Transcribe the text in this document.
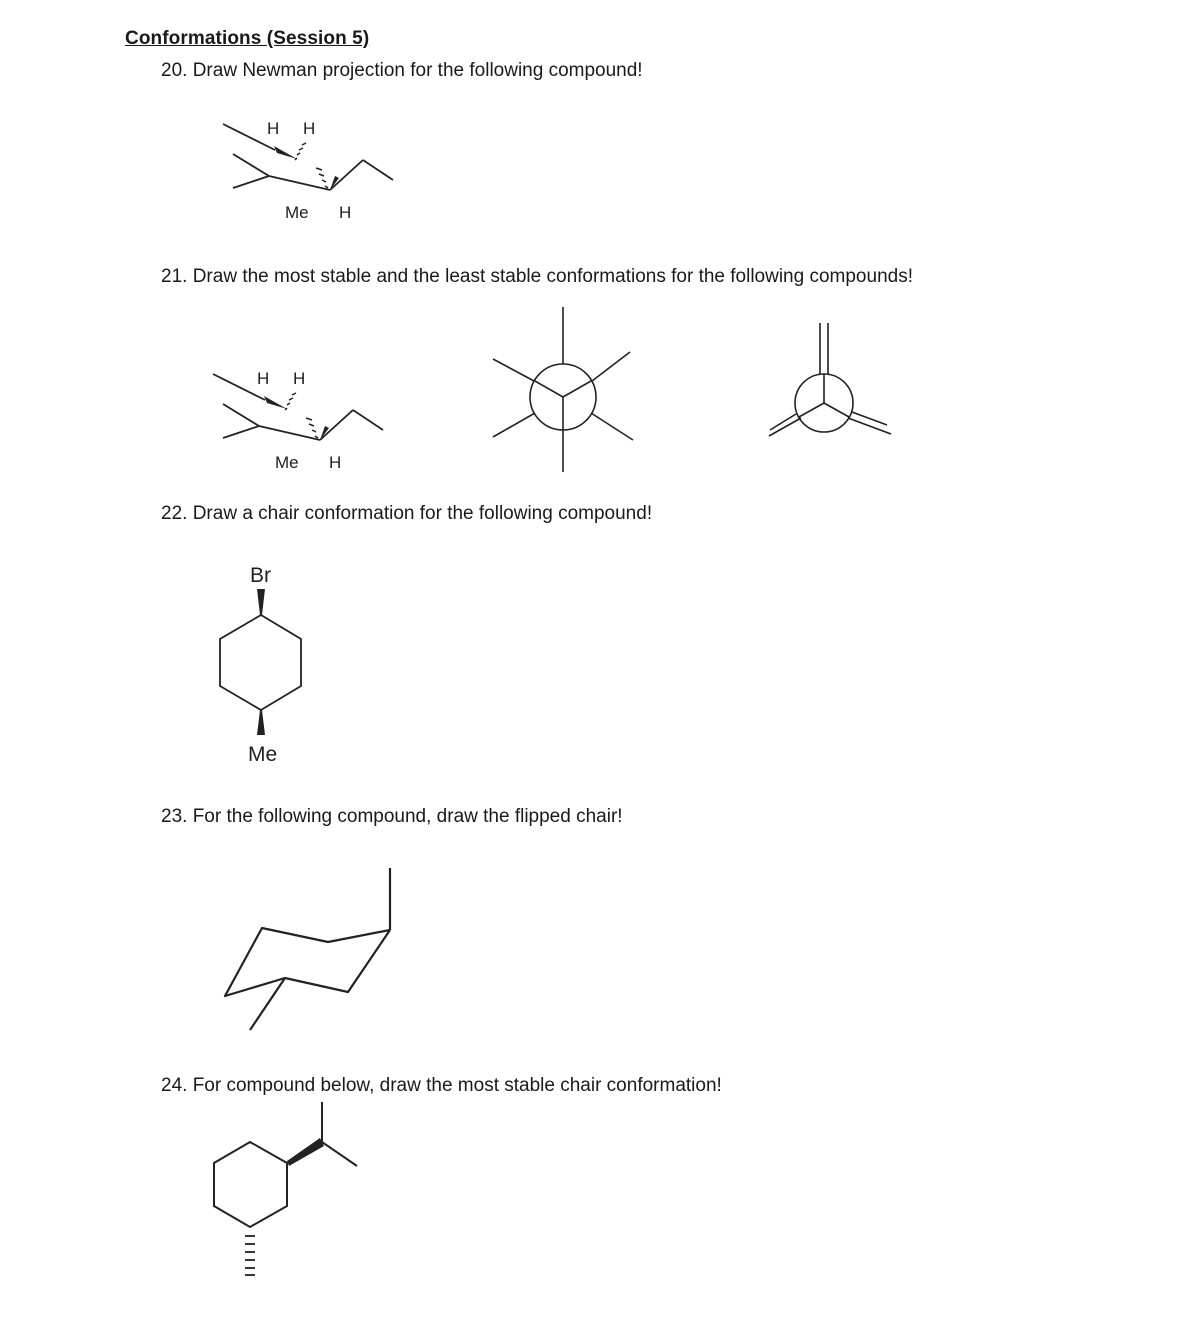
Conformations (Session 5)
20. Draw Newman projection for the following compound!
H H
Me H
21. Draw the most stable and the least stable conformations for the following compounds!
H H
Me H
22. Draw a chair conformation for the following compound!
Br
Me
23. For the following compound, draw the flipped chair!
24. For compound below, draw the most stable chair conformation!
